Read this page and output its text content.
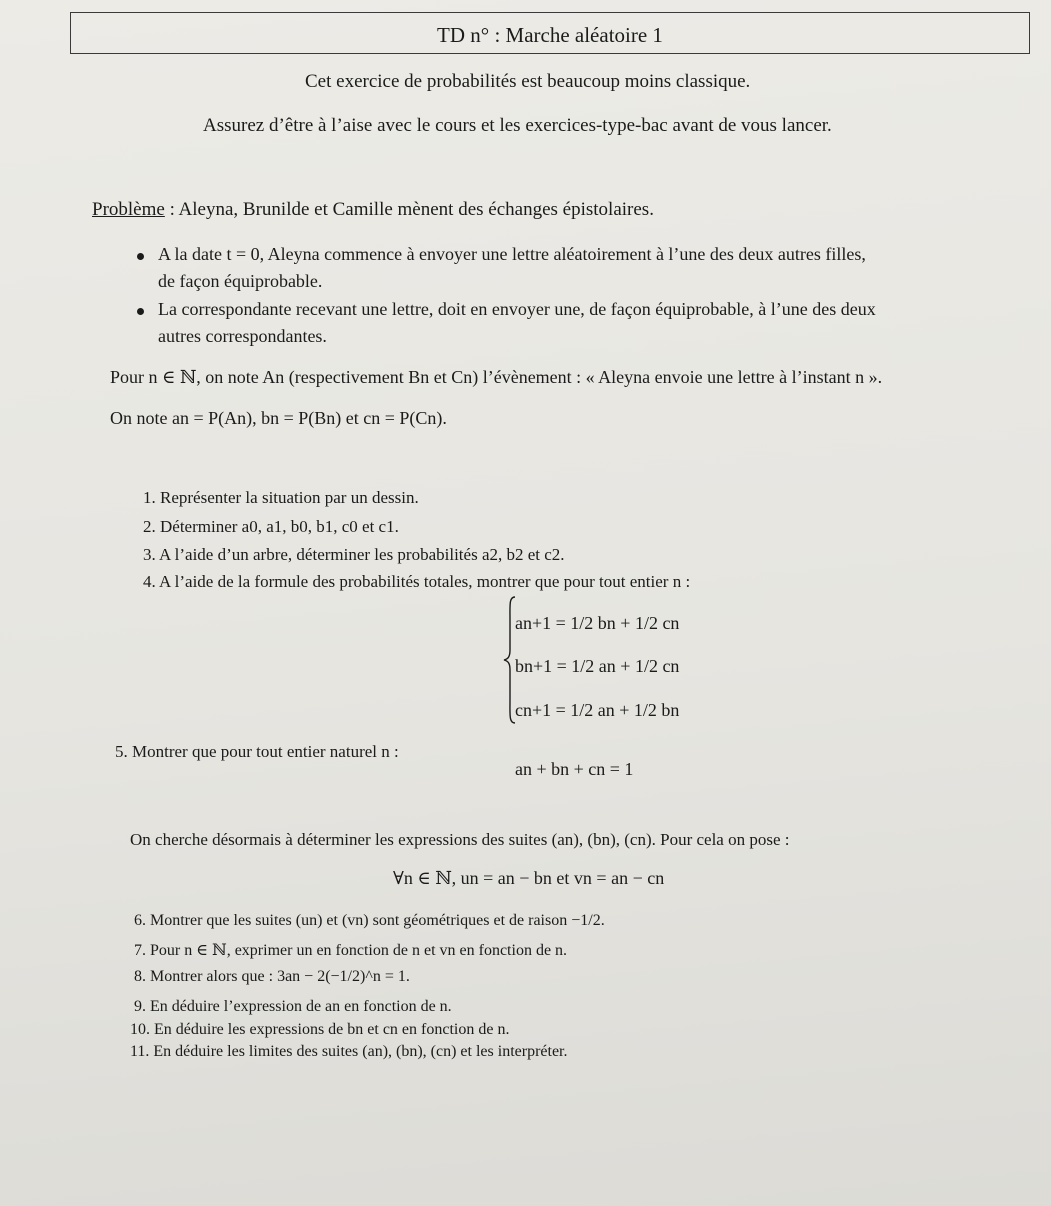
TD n° : Marche aléatoire 1
Cet exercice de probabilités est beaucoup moins classique.
Assurez d’être à l’aise avec le cours et les exercices-type-bac avant de vous lancer.
Problème : Aleyna, Brunilde et Camille mènent des échanges épistolaires.
A la date t = 0, Aleyna commence à envoyer une lettre aléatoirement à l’une des deux autres filles,
de façon équiprobable.
La correspondante recevant une lettre, doit en envoyer une, de façon équiprobable, à l’une des deux
autres correspondantes.
Pour n ∈ ℕ, on note An (respectivement Bn et Cn) l’évènement : « Aleyna envoie une lettre à l’instant n ».
On note an = P(An), bn = P(Bn) et cn = P(Cn).
1. Représenter la situation par un dessin.
2. Déterminer a0, a1, b0, b1, c0 et c1.
3. A l’aide d’un arbre, déterminer les probabilités a2, b2 et c2.
4. A l’aide de la formule des probabilités totales, montrer que pour tout entier n :
an+1 = 1/2 bn + 1/2 cn
bn+1 = 1/2 an + 1/2 cn
cn+1 = 1/2 an + 1/2 bn
5. Montrer que pour tout entier naturel n :
an + bn + cn = 1
On cherche désormais à déterminer les expressions des suites (an), (bn), (cn). Pour cela on pose :
∀n ∈ ℕ, un = an − bn et vn = an − cn
6. Montrer que les suites (un) et (vn) sont géométriques et de raison −1/2.
7. Pour n ∈ ℕ, exprimer un en fonction de n et vn en fonction de n.
8. Montrer alors que : 3an − 2(−1/2)^n = 1.
9. En déduire l’expression de an en fonction de n.
10. En déduire les expressions de bn et cn en fonction de n.
11. En déduire les limites des suites (an), (bn), (cn) et les interpréter.
